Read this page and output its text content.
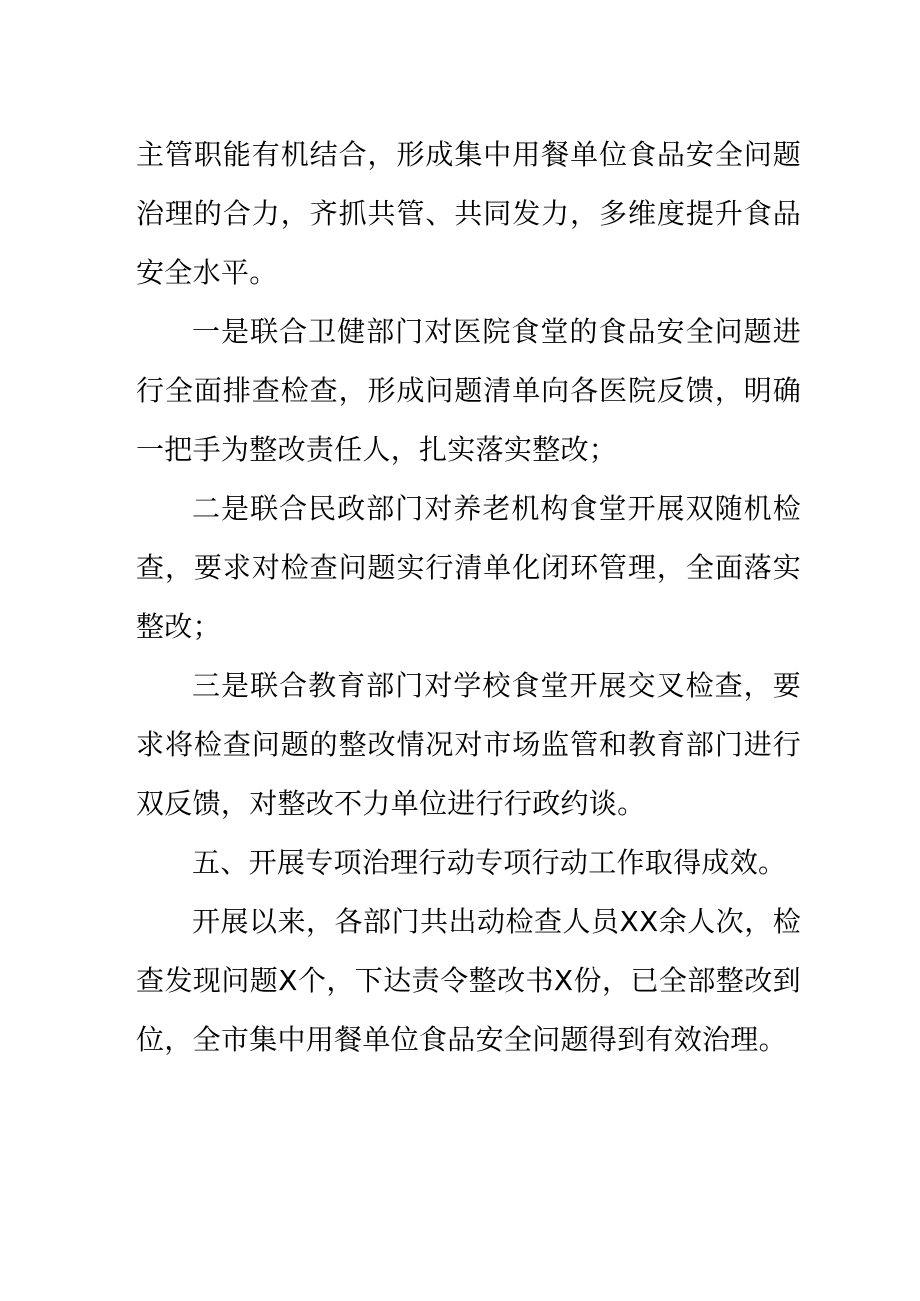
主管职能有机结合，形成集中用餐单位食品安全问题治理的合力，齐抓共管、共同发力，多维度提升食品安全水平。

一是联合卫健部门对医院食堂的食品安全问题进行全面排查检查，形成问题清单向各医院反馈，明确一把手为整改责任人，扎实落实整改；

二是联合民政部门对养老机构食堂开展双随机检查，要求对检查问题实行清单化闭环管理，全面落实整改；

三是联合教育部门对学校食堂开展交叉检查，要求将检查问题的整改情况对市场监管和教育部门进行双反馈，对整改不力单位进行行政约谈。

五、开展专项治理行动专项行动工作取得成效。

开展以来，各部门共出动检查人员XX余人次，检查发现问题X个，下达责令整改书X份，已全部整改到位，全市集中用餐单位食品安全问题得到有效治理。
